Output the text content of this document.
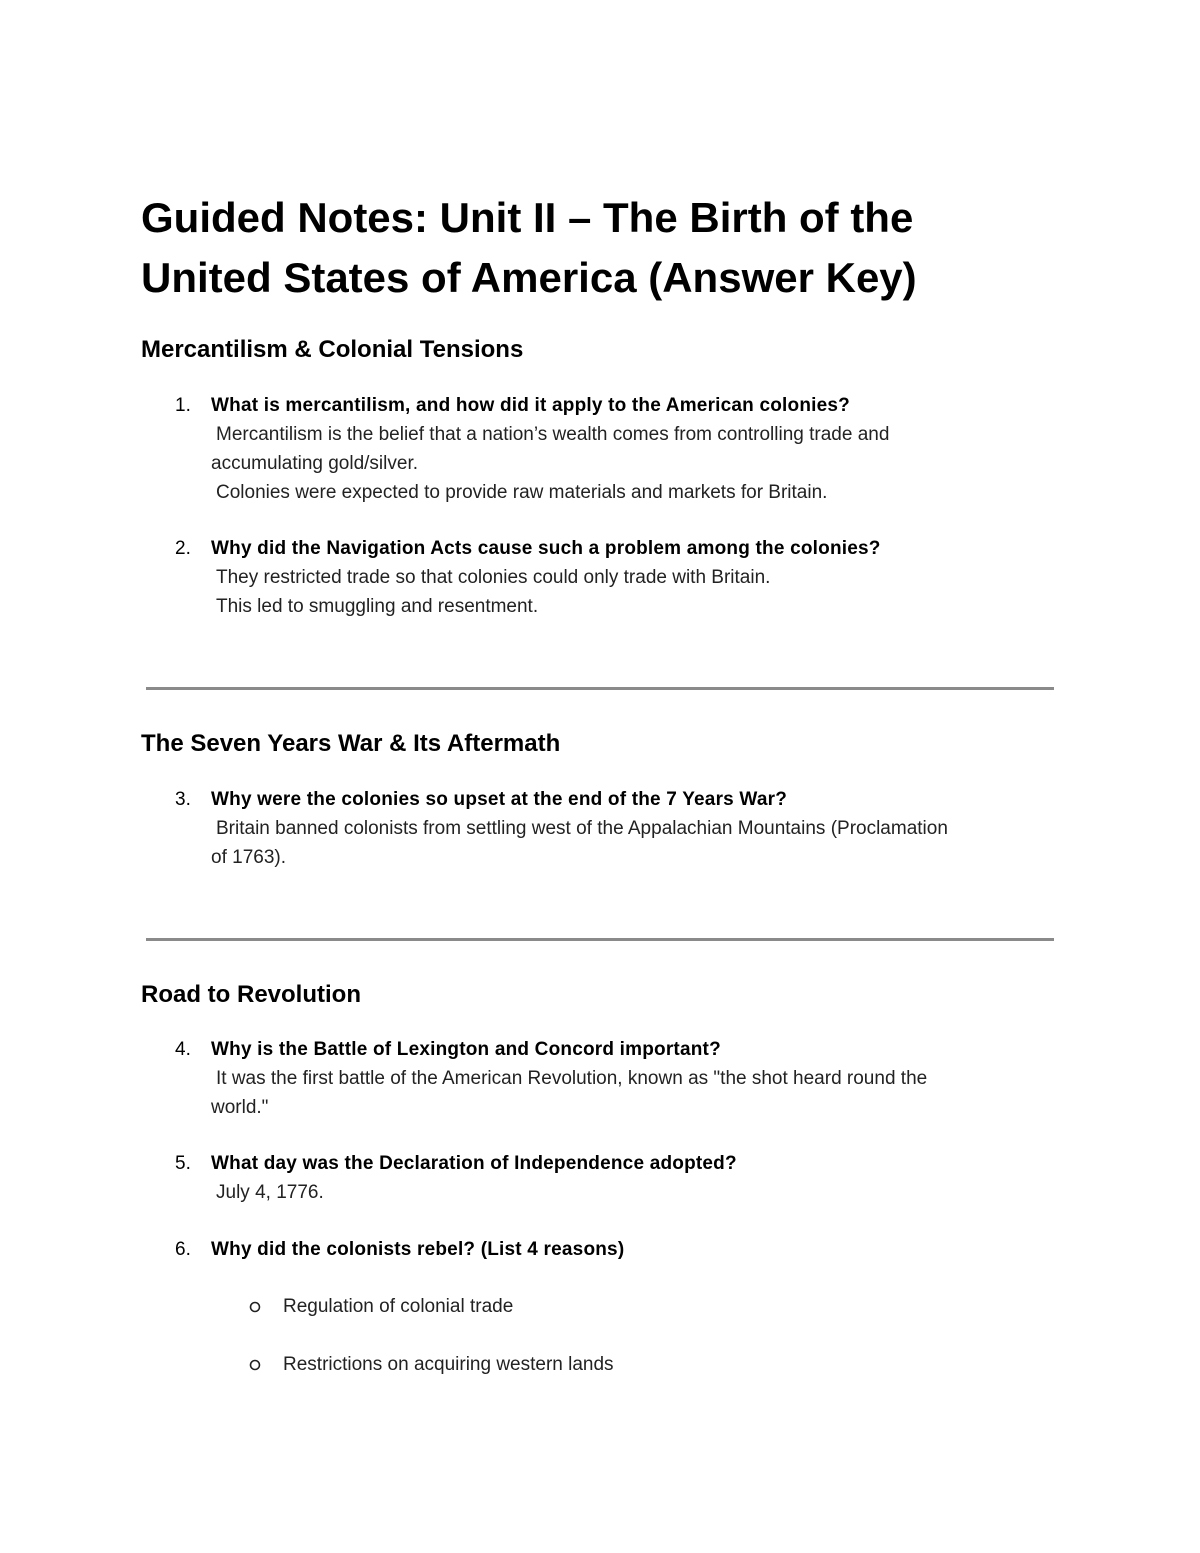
Guided Notes: Unit II – The Birth of the
United States of America (Answer Key)
Mercantilism & Colonial Tensions
1. What is mercantilism, and how did it apply to the American colonies?
Mercantilism is the belief that a nation’s wealth comes from controlling trade and
accumulating gold/silver.
Colonies were expected to provide raw materials and markets for Britain.
2. Why did the Navigation Acts cause such a problem among the colonies?
They restricted trade so that colonies could only trade with Britain.
This led to smuggling and resentment.
The Seven Years War & Its Aftermath
3. Why were the colonies so upset at the end of the 7 Years War?
Britain banned colonists from settling west of the Appalachian Mountains (Proclamation
of 1763).
Road to Revolution
4. Why is the Battle of Lexington and Concord important?
It was the first battle of the American Revolution, known as "the shot heard round the
world."
5. What day was the Declaration of Independence adopted?
July 4, 1776.
6. Why did the colonists rebel? (List 4 reasons)
Regulation of colonial trade
Restrictions on acquiring western lands
